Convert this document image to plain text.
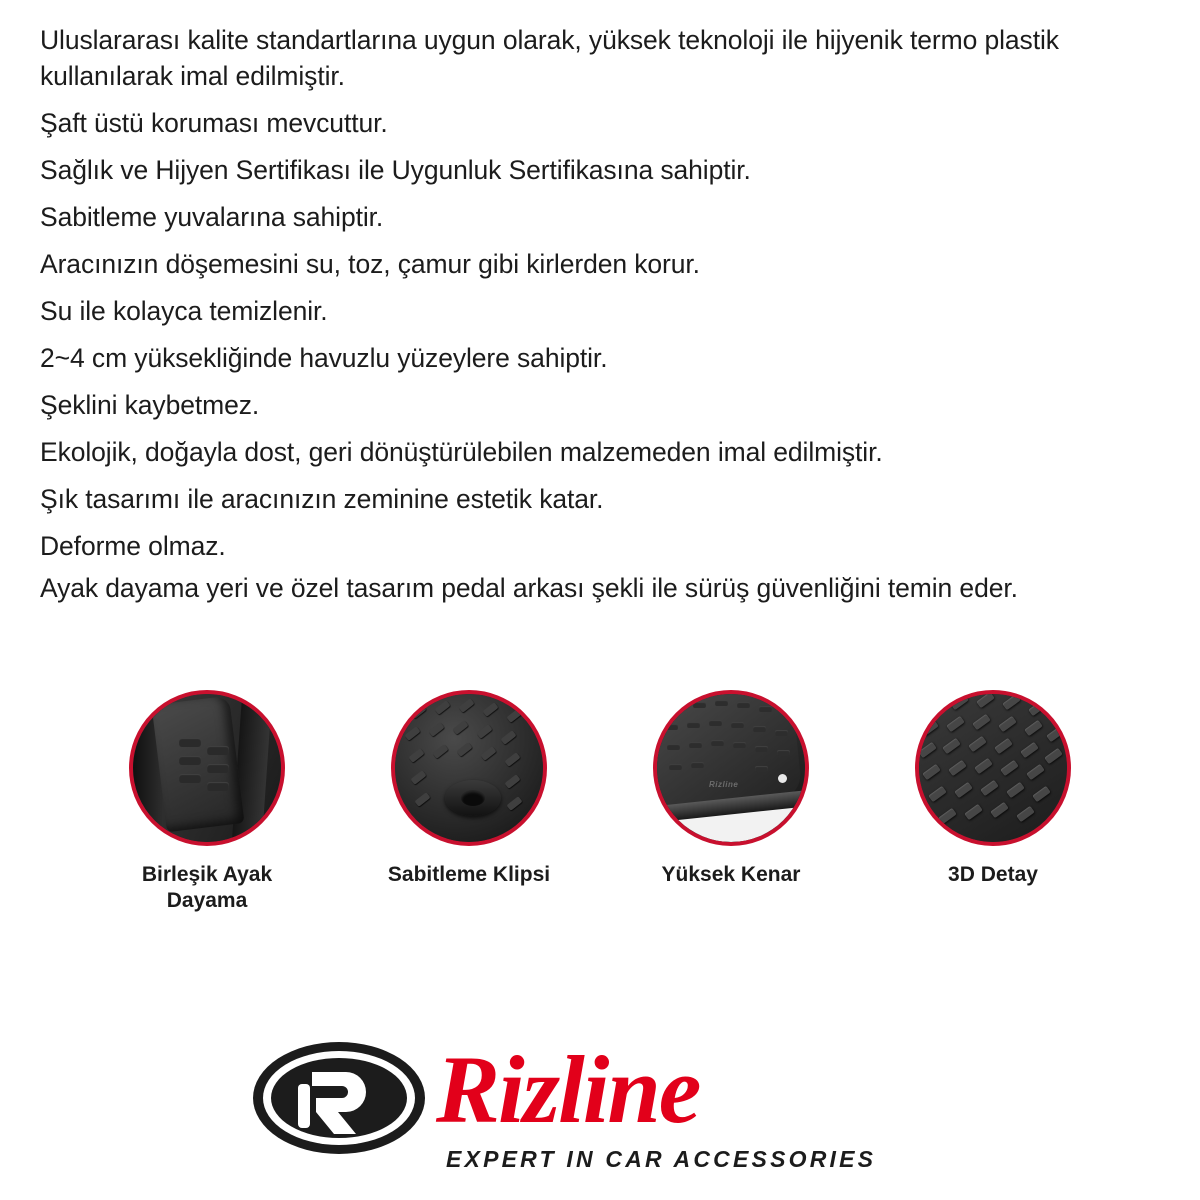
Uluslararası kalite standartlarına uygun olarak, yüksek teknoloji ile hijyenik termo plastik kullanılarak imal edilmiştir.
Şaft üstü koruması mevcuttur.
Sağlık ve Hijyen Sertifikası ile Uygunluk Sertifikasına sahiptir.
Sabitleme yuvalarına sahiptir.
Aracınızın döşemesini su, toz, çamur gibi kirlerden korur.
Su ile kolayca temizlenir.
2~4 cm yüksekliğinde havuzlu yüzeylere sahiptir.
Şeklini kaybetmez.
Ekolojik, doğayla dost, geri dönüştürülebilen malzemeden imal edilmiştir.
Şık tasarımı ile aracınızın zeminine estetik katar.
Deforme olmaz.
Ayak dayama yeri ve özel tasarım pedal arkası şekli ile sürüş güvenliğini temin eder.
Birleşik Ayak Dayama
Sabitleme Klipsi
Rizline
Yüksek Kenar	3D Detay
Rizline
EXPERT IN CAR ACCESSORIES
